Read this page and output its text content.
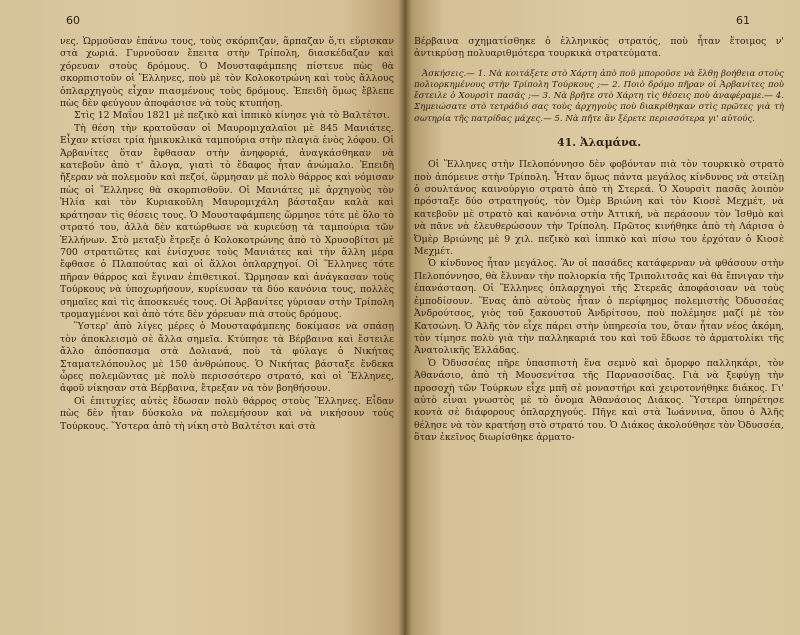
60

νες. Ὡρμοῦσαν ἐπάνω τους, τοὺς σκόρπιζαν, ἅρπαζαν ὅ,τι εὕρισκαν στὰ χωριά. Γυρνοῦσαν ἔπειτα στὴν Τρίπολη, διασκέδαζαν καὶ χόρευαν στοὺς δρόμους. Ὁ Μουσταφάμπεης πίστευε πὼς θὰ σκορπιστοῦν οἱ Ἕλληνες, ποὺ μὲ τὸν Κολοκοτρώνη καὶ τοὺς ἄλλους ὁπλαρχηγοὺς εἶχαν πιασμένους τοὺς δρόμους. Ἐπειδὴ ὅμως ἔβλεπε πὼς δὲν φεύγουν ἀποφάσισε νὰ τοὺς κτυπήσῃ.

Στὶς 12 Μαΐου 1821 μὲ πεζικὸ καὶ ἱππικὸ κίνησε γιὰ τὸ Βαλτέτσι.

Τὴ θέση τὴν κρατοῦσαν οἱ Μαυρομιχαλαῖοι μὲ 845 Μανιάτες. Εἶχαν κτίσει τρία ἡμικυκλικὰ ταμπούρια στὴν πλαγιὰ ἑνὸς λόφου. Οἱ Ἀρβανίτες ὅταν ἔφθασαν στὴν ἀνηφοριά, ἀναγκάσθηκαν νὰ κατεβοῦν ἀπὸ τ' ἄλογα, γιατὶ τὸ ἔδαφος ἦταν ἀνώμαλο. Ἐπειδὴ ἤξεραν νὰ πολεμοῦν καὶ πεζοί, ὥρμησαν μὲ πολὺ θάρρος καὶ νόμισαν πὼς οἱ Ἕλληνες θὰ σκορπισθοῦν. Οἱ Μανιάτες μὲ ἀρχηγοὺς τὸν Ἠλία καὶ τὸν Κυριακοῦλη Μαυρομιχάλη βάσταξαν καλὰ καὶ κράτησαν τὶς θέσεις τους. Ὁ Μουσταφάμπεης ὥρμησε τότε μὲ ὅλο τὸ στρατό του, ἀλλὰ δὲν κατώρθωσε νὰ κυριεύσῃ τὰ ταμπούρια τῶν Ἑλλήνων. Στὸ μεταξὺ ἔτρεξε ὁ Κολοκοτρώνης ἀπὸ τὸ Χρυσοβίτσι μὲ 700 στρατιῶτες καὶ ἐνίσχυσε τοὺς Μανιάτες καὶ τὴν ἄλλη μέρα ἔφθασε ὁ Πλαπούτας καὶ οἱ ἄλλοι ὁπλαρχηγοί. Οἱ Ἕλληνες τότε πῆραν θάρρος καὶ ἔγιναν ἐπιθετικοί. Ὥρμησαν καὶ ἀνάγκασαν τοὺς Τούρκους νὰ ὑποχωρήσουν, κυρίευσαν τὰ δύο κανόνια τους, πολλὲς σημαῖες καὶ τὶς ἀποσκευές τους. Οἱ Ἀρβανίτες γύρισαν στὴν Τρίπολη τρομαγμένοι καὶ ἀπὸ τότε δὲν χόρευαν πιὰ στοὺς δρόμους.

Ὕστερ' ἀπὸ λίγες μέρες ὁ Μουσταφάμπεης δοκίμασε νὰ σπάσῃ τὸν ἀποκλεισμὸ σὲ ἄλλα σημεῖα. Κτύπησε τὰ Βέρβαινα καὶ ἔστειλε ἄλλο ἀπόσπασμα στὰ Δολιανά, ποὺ τὰ φύλαγε ὁ Νικήτας Σταματελόπουλος μὲ 150 ἀνθρώπους. Ὁ Νικήτας βάσταξε ἕνδεκα ὧρες πολεμῶντας μὲ πολὺ περισσότερο στρατό, καὶ οἱ Ἕλληνες, ἀφοῦ νίκησαν στὰ Βέρβαινα, ἔτρεξαν νὰ τὸν βοηθήσουν.

Οἱ ἐπιτυχίες αὐτὲς ἔδωσαν πολὺ θάρρος στοὺς Ἕλληνες. Εἶδαν πὼς δὲν ἦταν δύσκολο νὰ πολεμήσουν καὶ νὰ νικήσουν τοὺς Τούρκους. Ὕστερα ἀπὸ τὴ νίκη στὸ Βαλτέτσι καὶ στὰ

61

Βέρβαινα σχηματίσθηκε ὁ ἑλληνικὸς στρατός, ποὺ ἦταν ἕτοιμος ν' ἀντικρύσῃ πολυαριθμότερα τουρκικὰ στρατεύματα.

Ἀσκήσεις.— 1. Νὰ κοιτάξετε στὸ Χάρτη ἀπὸ ποῦ μποροῦσε νὰ ἔλθῃ βοήθεια στοὺς πολιορκημένους στὴν Τρίπολη Τούρκους ;— 2. Ποιὸ δρόμο πῆραν οἱ Ἀρβανίτες ποὺ ἔστειλε ὁ Χουρσὶτ πασᾶς ;— 3. Νὰ βρῆτε στὸ Χάρτη τὶς θέσεις ποὺ ἀναφέραμε.— 4. Σημειώσατε στὸ τετράδιό σας τοὺς ἀρχηγοὺς ποὺ διακρίθηκαν στὶς πρῶτες γιὰ τὴ σωτηρία τῆς πατρίδας μάχες.— 5. Νὰ πῆτε ἂν ξέρετε περισσότερα γι' αὐτούς.

41. Ἀλαμάνα.

Οἱ Ἕλληνες στὴν Πελοπόννησο δὲν φοβόνταν πιὰ τὸν τουρκικὸ στρατὸ ποὺ ἀπόμεινε στὴν Τρίπολη. Ἦταν ὅμως πάντα μεγάλος κίνδυνος νὰ στείλῃ ὁ σουλτάνος καινούργιο στρατὸ ἀπὸ τὴ Στερεά. Ὁ Χουρσὶτ πασᾶς λοιπὸν πρόσταξε δύο στρατηγούς, τὸν Ὀμὲρ Βριώνη καὶ τὸν Κιοσὲ Μεχμέτ, νὰ κατεβοῦν μὲ στρατὸ καὶ κανόνια στὴν Ἀττική, νὰ περάσουν τὸν Ἰσθμὸ καὶ νὰ πᾶνε νὰ ἐλευθερώσουν τὴν Τρίπολη. Πρῶτος κινήθηκε ἀπὸ τὴ Λάρισα ὁ Ὀμὲρ Βριώνης μὲ 9 χιλ. πεζικὸ καὶ ἱππικὸ καὶ πίσω του ἐρχόταν ὁ Κιοσὲ Μεχμέτ.

Ὁ κίνδυνος ἦταν μεγάλος. Ἂν οἱ πασάδες κατάφερναν νὰ φθάσουν στὴν Πελοπόννησο, θὰ ἔλυναν τὴν πολιορκία τῆς Τριπολιτσᾶς καὶ θὰ ἔπνιγαν τὴν ἐπανάσταση. Οἱ Ἕλληνες ὁπλαρχηγοὶ τῆς Στερεᾶς ἀποφάσισαν νὰ τοὺς ἐμποδίσουν. Ἕνας ἀπὸ αὐτοὺς ἦταν ὁ περίφημος πολεμιστὴς Ὀδυσσέας Ἀνδρούτσος, γιὸς τοῦ ξακουστοῦ Ἀνδρίτσου, ποὺ πολέμησε μαζί μὲ τὸν Κατσώνη. Ὁ Ἀλῆς τὸν εἶχε πάρει στὴν ὑπηρεσία του, ὅταν ἦταν νέος ἀκόμη, τὸν τίμησε πολὺ γιὰ τὴν παλληκαριά του καὶ τοῦ ἔδωσε τὸ ἀρματολίκι τῆς Ἀνατολικῆς Ἑλλάδας.

Ὁ Ὀδυσσέας πῆρε ὑπασπιστὴ ἕνα σεμνὸ καὶ ὄμορφο παλληκάρι, τὸν Ἀθανάσιο, ἀπὸ τὴ Μουσενίτσα τῆς Παρνασσίδας. Γιὰ νὰ ξεφύγῃ τὴν προσοχὴ τῶν Τούρκων εἶχε μπῆ σὲ μοναστήρι καὶ χειροτονήθηκε διάκος. Γι' αὐτὸ εἶναι γνωστὸς μὲ τὸ ὄνομα Ἀθανάσιος Διάκος. Ὕστερα ὑπηρέτησε κοντὰ σὲ διάφορους ὁπλαρχηγούς. Πῆγε καὶ στὰ Ἰωάννινα, ὅπου ὁ Ἀλῆς θέλησε νὰ τὸν κρατήσῃ στὸ στρατό του. Ὁ Διάκος ἀκολούθησε τὸν Ὀδυσσέα, ὅταν ἐκεῖνος διωρίσθηκε ἁρματο-
